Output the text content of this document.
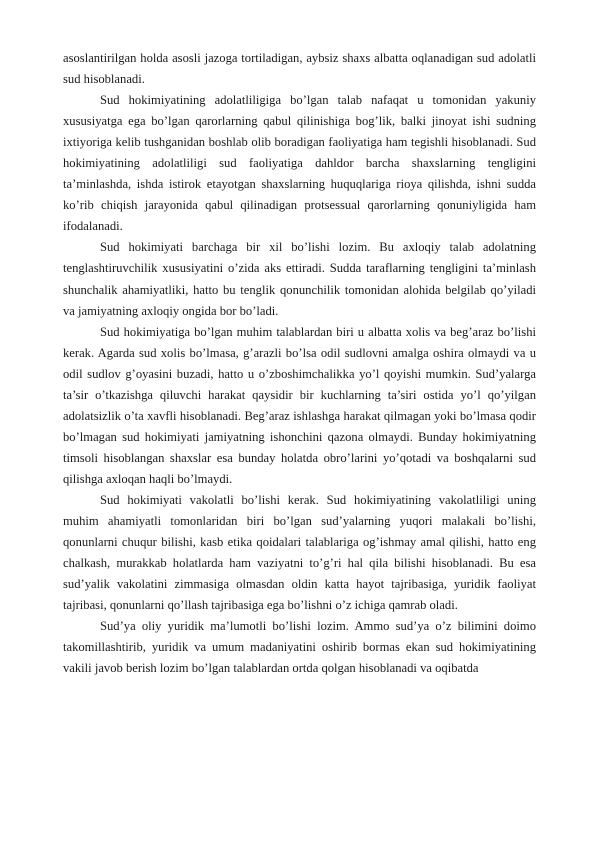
asoslantirilgan holda asosli jazoga tortiladigan, aybsiz shaxs albatta oqlanadigan sud adolatli sud hisoblanadi.

Sud hokimiyatining adolatliligiga bo’lgan talab nafaqat u tomonidan yakuniy xususiyatga ega bo’lgan qarorlarning qabul qilinishiga bog’lik, balki jinoyat ishi sudning ixtiyoriga kelib tushganidan boshlab olib boradigan faoliyatiga ham tegishli hisoblanadi. Sud hokimiyatining adolatliligi sud faoliyatiga dahldor barcha shaxslarning tengligini ta’minlashda, ishda istirok etayotgan shaxslarning huquqlariga rioya qilishda, ishni sudda ko’rib chiqish jarayonida qabul qilinadigan protsessual qarorlarning qonuniyligida ham ifodalanadi.

Sud hokimiyati barchaga bir xil bo’lishi lozim. Bu axloqiy talab adolatning tenglashtiruvchilik xususiyatini o’zida aks ettiradi. Sudda taraflarning tengligini ta’minlash shunchalik ahamiyatliki, hatto bu tenglik qonunchilik tomonidan alohida belgilab qo’yiladi va jamiyatning axloqiy ongida bor bo’ladi.

Sud hokimiyatiga bo’lgan muhim talablardan biri u albatta xolis va beg’araz bo’lishi kerak. Agarda sud xolis bo’lmasa, g’arazli bo’lsa odil sudlovni amalga oshira olmaydi va u odil sudlov g’oyasini buzadi, hatto u o’zboshimchalikka yo’l qoyishi mumkin. Sud’yalarga ta’sir o’tkazishga qiluvchi harakat qaysidir bir kuchlarning ta’siri ostida yo’l qo’yilgan adolatsizlik o’ta xavfli hisoblanadi. Beg’araz ishlashga harakat qilmagan yoki bo’lmasa qodir bo’lmagan sud hokimiyati jamiyatning ishonchini qazona olmaydi. Bunday hokimiyatning timsoli hisoblangan shaxslar esa bunday holatda obro’larini yo’qotadi va boshqalarni sud qilishga axloqan haqli bo’lmaydi.

Sud hokimiyati vakolatli bo’lishi kerak. Sud hokimiyatining vakolatliligi uning muhim ahamiyatli tomonlaridan biri bo’lgan sud’yalarning yuqori malakali bo’lishi, qonunlarni chuqur bilishi, kasb etika qoidalari talablariga og’ishmay amal qilishi, hatto eng chalkash, murakkab holatlarda ham vaziyatni to’g’ri hal qila bilishi hisoblanadi. Bu esa sud’yalik vakolatini zimmasiga olmasdan oldin katta hayot tajribasiga, yuridik faoliyat tajribasi, qonunlarni qo’llash tajribasiga ega bo’lishni o’z ichiga qamrab oladi.

Sud’ya oliy yuridik ma’lumotli bo’lishi lozim. Ammo sud’ya o’z bilimini doimo takomillashtirib, yuridik va umum madaniyatini oshirib bormas ekan sud hokimiyatining vakili javob berish lozim bo’lgan talablardan ortda qolgan hisoblanadi va oqibatda
